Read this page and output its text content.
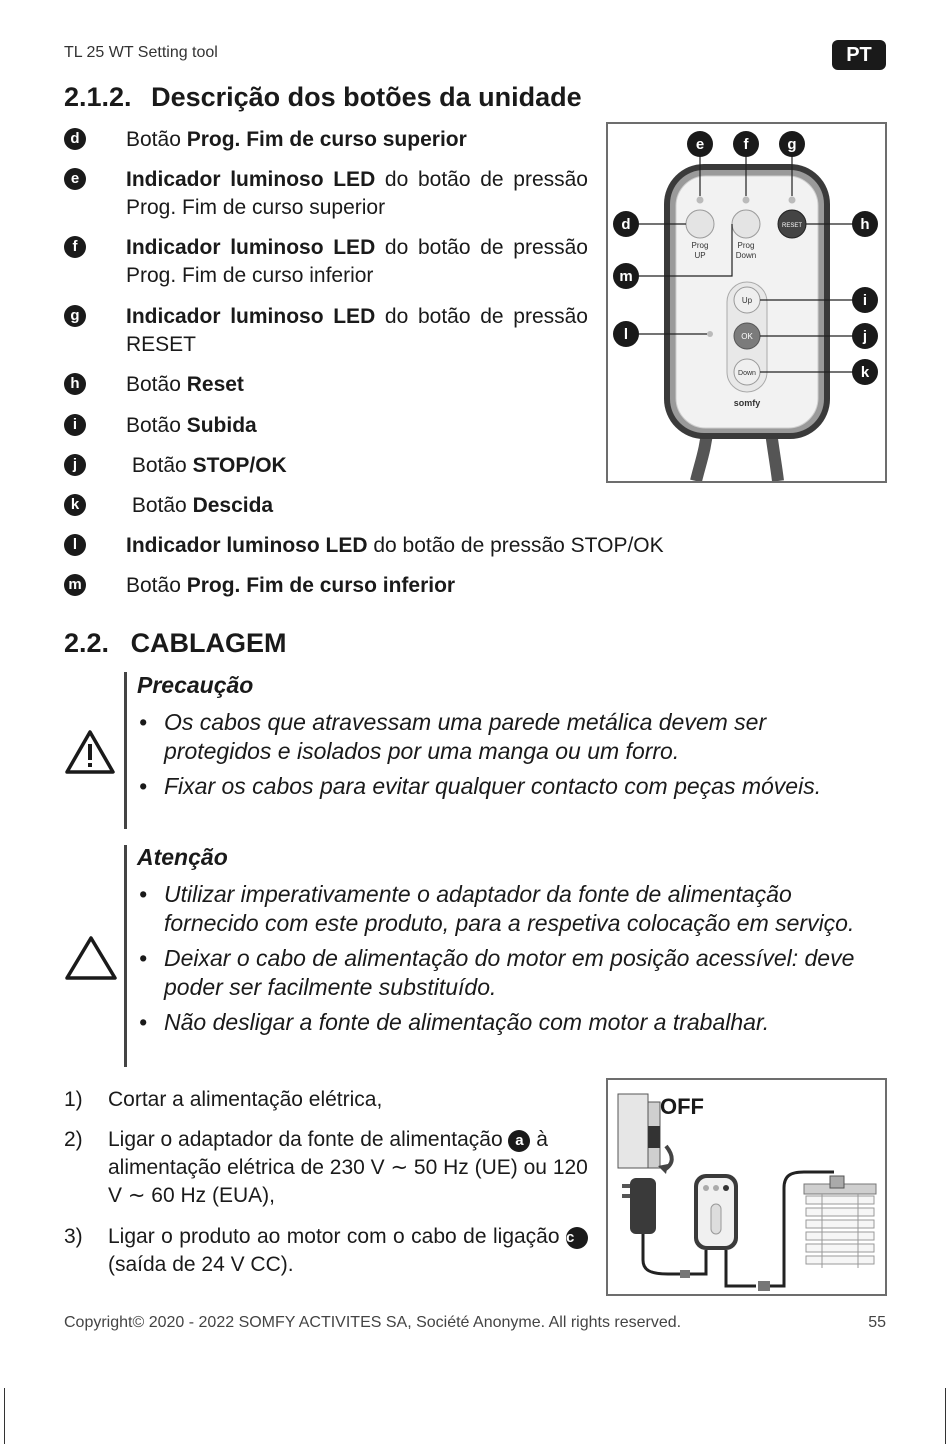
TL 25 WT Setting tool	PT
2.1.2. Descrição dos botões da unidade
d	Botão Prog. Fim de curso superior
e	Indicador luminoso LED do botão de pressão Prog. Fim de curso superior
f	Indicador luminoso LED do botão de pressão Prog. Fim de curso inferior
g	Indicador luminoso LED do botão de pressão RESET
h	Botão Reset
i	Botão Subida
j	Botão STOP/OK
k	Botão Descida
l	Indicador luminoso LED do botão de pressão STOP/OK
m Botão Prog. Fim de curso inferior
RESET
Prog
UP
Prog
Down
Up
OK
Down
somfy
e	f	g
d	h
m
i
l	j
k
2.2. CABLAGEM
Precaução
• Os cabos que atravessam uma parede metálica devem ser protegidos e isolados por uma manga ou um forro.
• Fixar os cabos para evitar qualquer contacto com peças móveis.
Atenção
• Utilizar imperativamente o adaptador da fonte de alimentação fornecido com este produto, para a respetiva colocação em serviço.
• Deixar o cabo de alimentação do motor em posição acessível: deve poder ser facilmente substituído.
• Não desligar a fonte de alimentação com motor a trabalhar.
1) Cortar a alimentação elétrica,
2) Ligar o adaptador da fonte de alimentação a à alimentação elétrica de 230 V ∼ 50 Hz (UE) ou 120 V ∼ 60 Hz (EUA),
3) Ligar o produto ao motor com o cabo de ligação c (saída de 24 V CC).
OFF
Copyright© 2020 - 2022 SOMFY ACTIVITES SA, Société Anonyme. All rights reserved.	55
